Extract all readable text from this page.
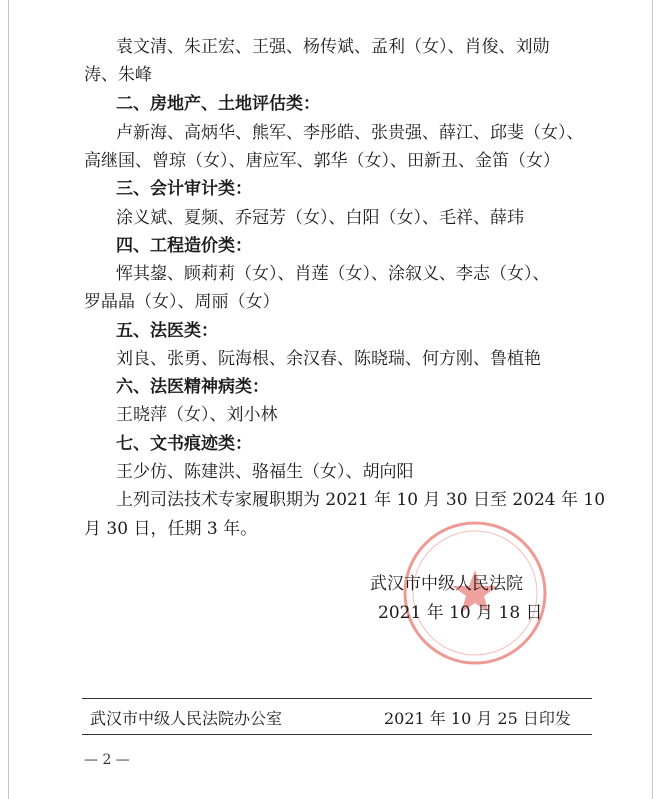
袁文清、朱正宏、王强、杨传斌、孟利（女）、肖俊、刘勋
涛、朱峰
二、房地产、土地评估类：
卢新海、高炳华、熊军、李彤皓、张贵强、薛江、邱斐（女）、
高继国、曾琼（女）、唐应军、郭华（女）、田新丑、金笛（女）
三、会计审计类：
涂义斌、夏频、乔冠芳（女）、白阳（女）、毛祥、薛玮
四、工程造价类：
恽其鋆、顾莉莉（女）、肖莲（女）、涂叙义、李志（女）、
罗晶晶（女）、周丽（女）
五、法医类：
刘良、张勇、阮海根、余汉春、陈晓瑞、何方刚、鲁植艳
六、法医精神病类：
王晓萍（女）、刘小林
七、文书痕迹类：
王少仿、陈建洪、骆福生（女）、胡向阳
上列司法技术专家履职期为 2021 年 10 月 30 日至 2024 年 10
月 30 日，任期 3 年。
武汉市中级人民法院
2021 年 10 月 18 日
武汉市中级人民法院办公室	2021 年 10 月 25 日印发
— 2 —
